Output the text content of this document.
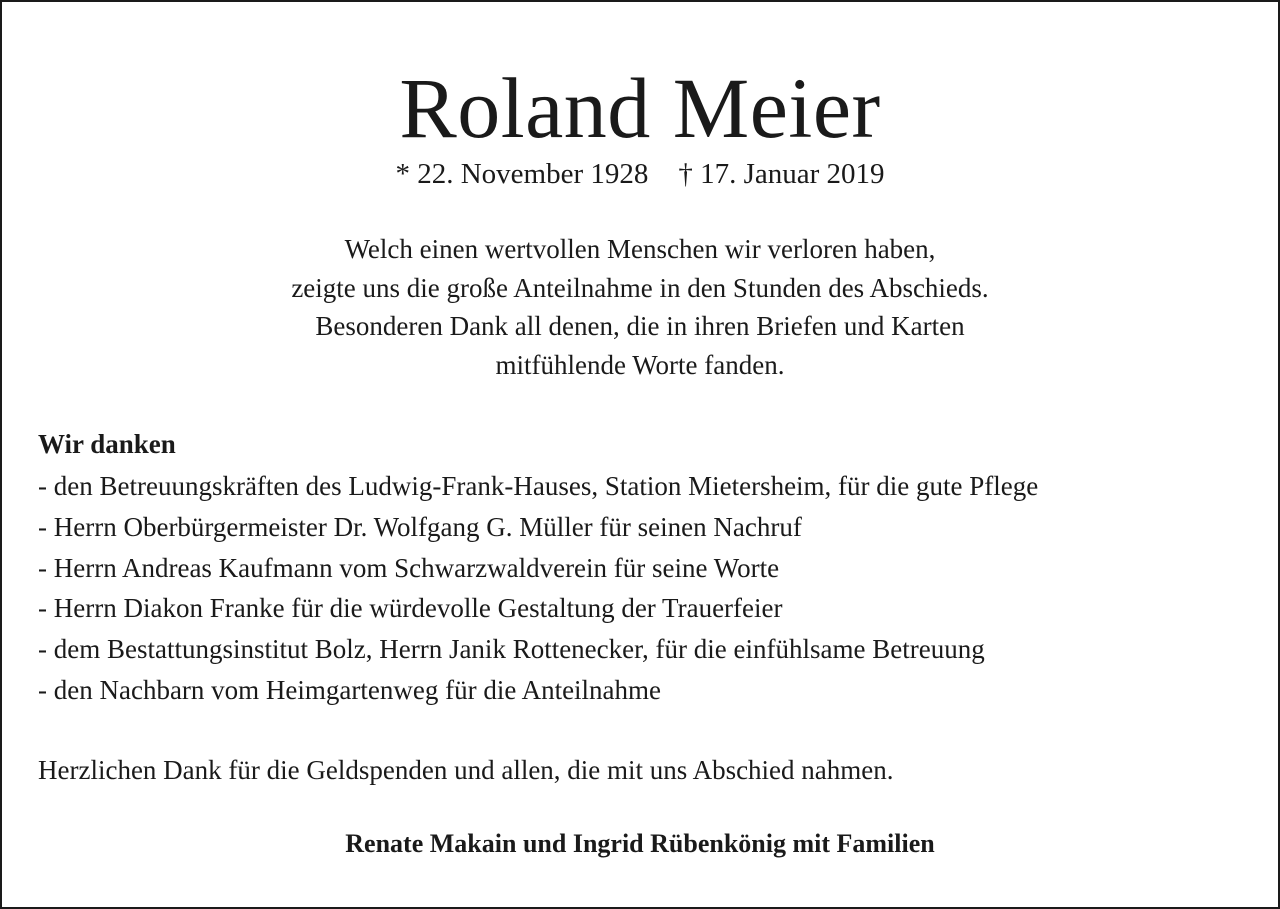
Roland Meier
* 22. November 1928 † 17. Januar 2019
Welch einen wertvollen Menschen wir verloren haben,
zeigte uns die große Anteilnahme in den Stunden des Abschieds.
Besonderen Dank all denen, die in ihren Briefen und Karten
mitfühlende Worte fanden.
Wir danken
- den Betreuungskräften des Ludwig-Frank-Hauses, Station Mietersheim, für die gute Pflege
- Herrn Oberbürgermeister Dr. Wolfgang G. Müller für seinen Nachruf
- Herrn Andreas Kaufmann vom Schwarzwaldverein für seine Worte
- Herrn Diakon Franke für die würdevolle Gestaltung der Trauerfeier
- dem Bestattungsinstitut Bolz, Herrn Janik Rottenecker, für die einfühlsame Betreuung
- den Nachbarn vom Heimgartenweg für die Anteilnahme
Herzlichen Dank für die Geldspenden und allen, die mit uns Abschied nahmen.
Renate Makain und Ingrid Rübenkönig mit Familien
